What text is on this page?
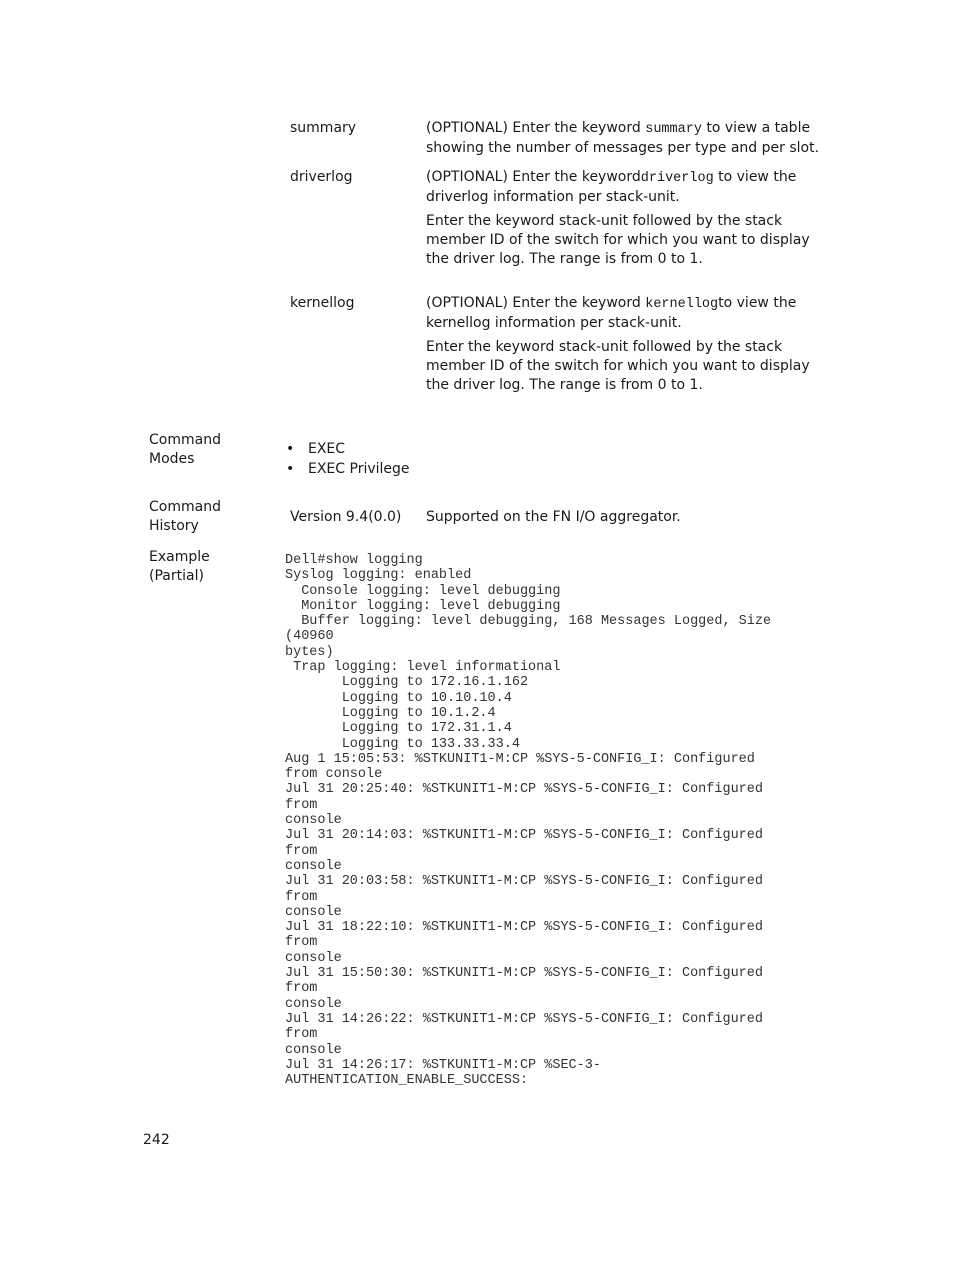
summary	(OPTIONAL) Enter the keyword summary to view a table showing the number of messages per type and per slot.

driverlog	(OPTIONAL) Enter the keyworddriverlog to view the driverlog information per stack-unit.

Enter the keyword stack-unit followed by the stack member ID of the switch for which you want to display the driver log. The range is from 0 to 1.

kernellog	(OPTIONAL) Enter the keyword kernellogto view the kernellog information per stack-unit.

Enter the keyword stack-unit followed by the stack member ID of the switch for which you want to display the driver log. The range is from 0 to 1.

Command
Modes
• EXEC
• EXEC Privilege
Command
History
Version 9.4(0.0) Supported on the FN I/O aggregator.
Example
(Partial)
Dell#show logging
Syslog logging: enabled
Console logging: level debugging
Monitor logging: level debugging
Buffer logging: level debugging, 168 Messages Logged, Size
(40960
bytes)
Trap logging: level informational
Logging to 172.16.1.162
Logging to 10.10.10.4
Logging to 10.1.2.4
Logging to 172.31.1.4
Logging to 133.33.33.4
Aug 1 15:05:53: %STKUNIT1-M:CP %SYS-5-CONFIG_I: Configured
from console
Jul 31 20:25:40: %STKUNIT1-M:CP %SYS-5-CONFIG_I: Configured
from
console
Jul 31 20:14:03: %STKUNIT1-M:CP %SYS-5-CONFIG_I: Configured
from
console
Jul 31 20:03:58: %STKUNIT1-M:CP %SYS-5-CONFIG_I: Configured
from
console
Jul 31 18:22:10: %STKUNIT1-M:CP %SYS-5-CONFIG_I: Configured
from
console
Jul 31 15:50:30: %STKUNIT1-M:CP %SYS-5-CONFIG_I: Configured
from
console
Jul 31 14:26:22: %STKUNIT1-M:CP %SYS-5-CONFIG_I: Configured
from
console
Jul 31 14:26:17: %STKUNIT1-M:CP %SEC-3-
AUTHENTICATION_ENABLE_SUCCESS:
242
